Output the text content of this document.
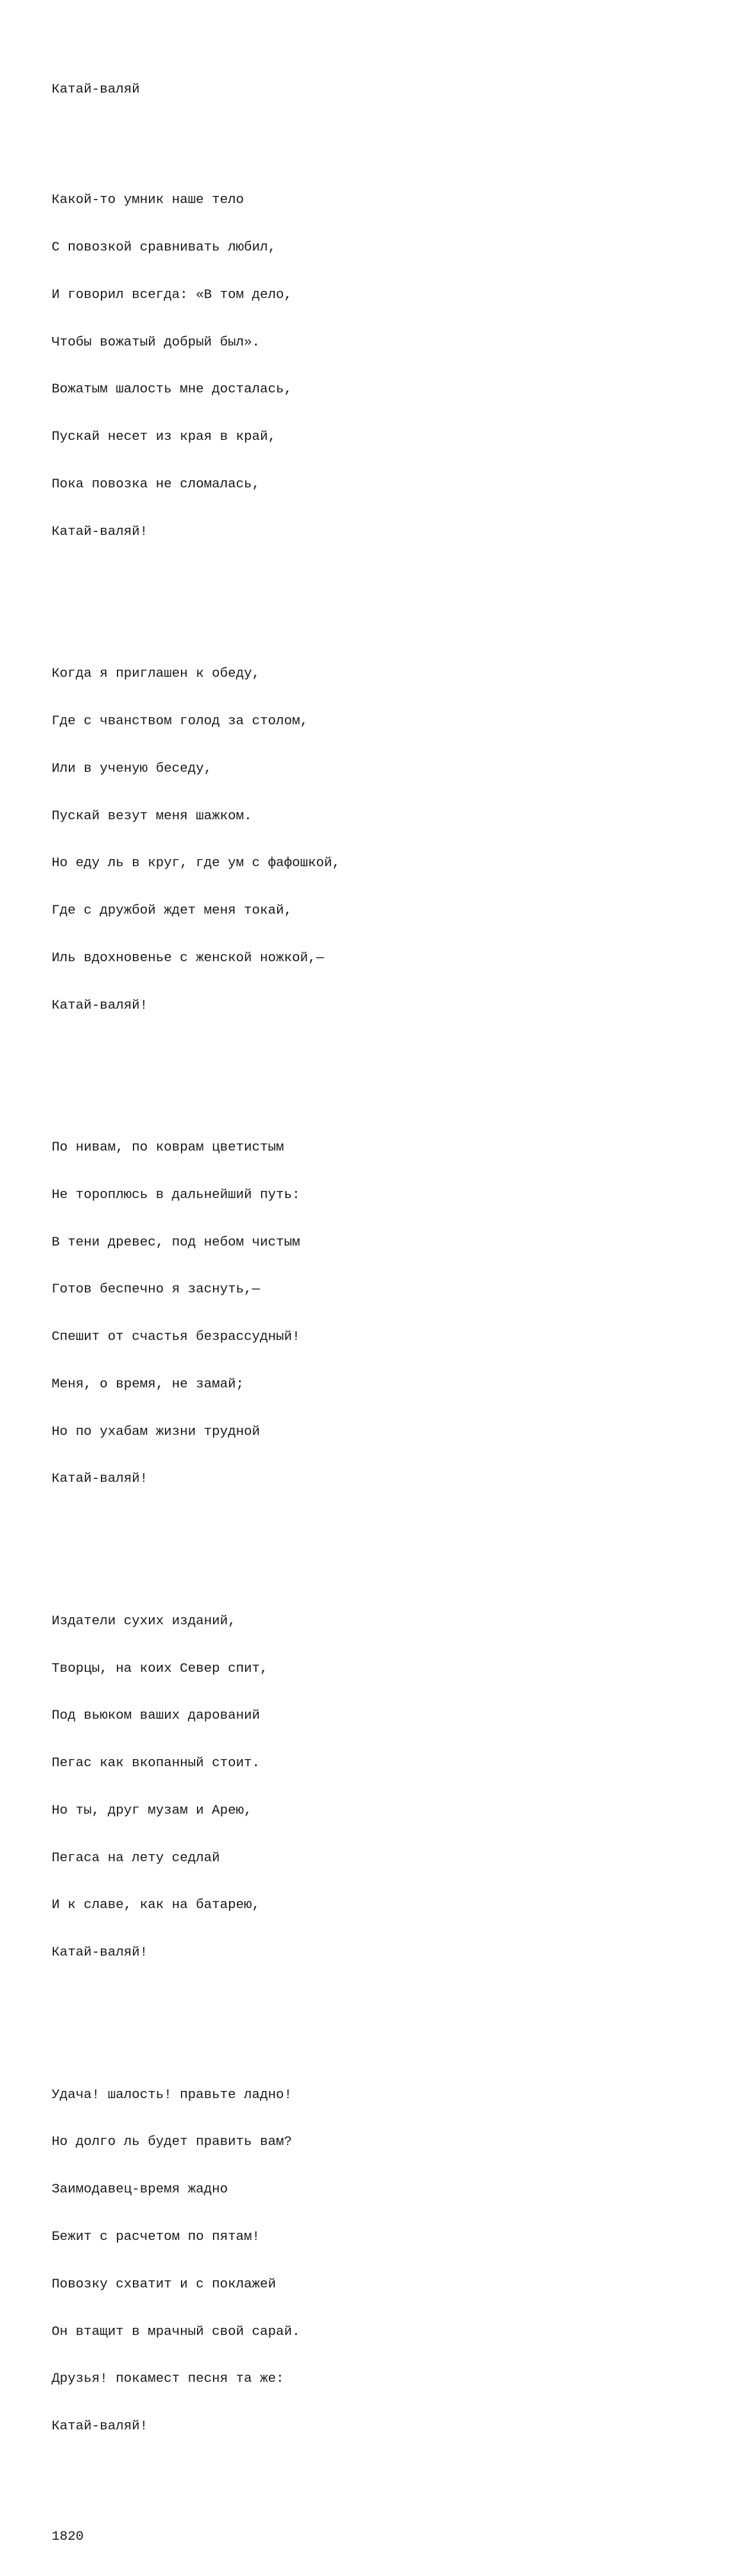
Катай-валяй

Какой-то умник наше тело

С повозкой сравнивать любил,

И говорил всегда: «В том дело,

Чтобы вожатый добрый был».

Вожатым шалость мне досталась,

Пускай несет из края в край,

Пока повозка не сломалась,

Катай-валяй!

Когда я приглашен к обеду,

Где с чванством голод за столом,

Или в ученую беседу,

Пускай везут меня шажком.

Но еду ль в круг, где ум с фафошкой,

Где с дружбой ждет меня токай,

Иль вдохновенье с женской ножкой,—

Катай-валяй!

По нивам, по коврам цветистым

Не тороплюсь в дальнейший путь:

В тени древес, под небом чистым

Готов беспечно я заснуть,—

Спешит от счастья безрассудный!

Меня, о время, не замай;

Но по ухабам жизни трудной

Катай-валяй!

Издатели сухих изданий,

Творцы, на коих Север спит,

Под вьюком ваших дарований

Пегас как вкопанный стоит.

Но ты, друг музам и Арею,

Пегаса на лету седлай

И к славе, как на батарею,

Катай-валяй!

Удача! шалость! правьте ладно!

Но долго ль будет править вам?

Заимодавец-время жадно

Бежит с расчетом по пятам!

Повозку схватит и с поклажей

Он втащит в мрачный свой сарай.

Друзья! покамест песня та же:

Катай-валяй!

1820
